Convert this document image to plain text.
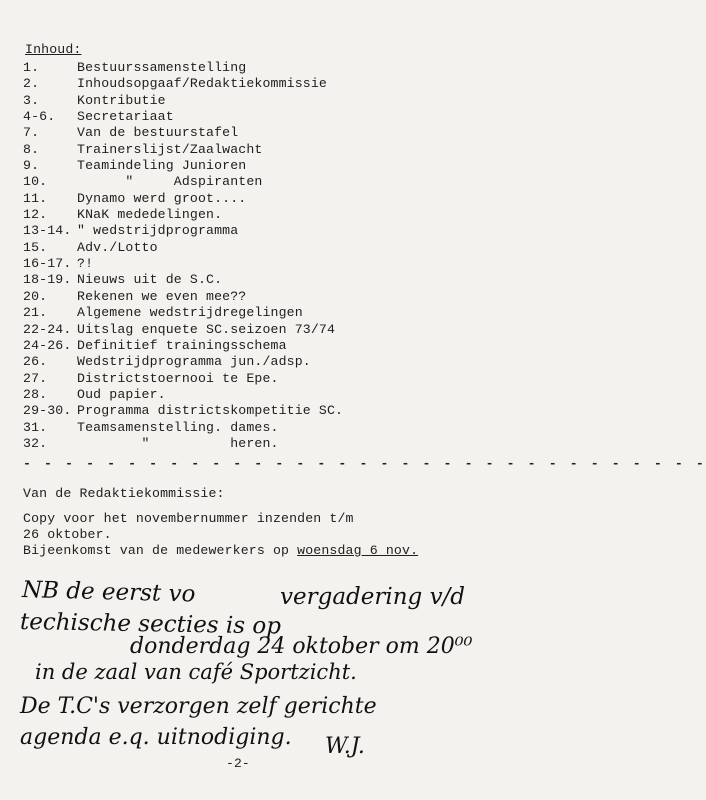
Inhoud:
1.	Bestuurssamenstelling
2.	Inhoudsopgaaf/Redaktiekommissie
3.	Kontributie
4-6. Secretariaat
7.	Van de bestuurstafel
8.	Trainerslijst/Zaalwacht
9.	Teamindeling Junioren
10.      "     Adspiranten
11. Dynamo werd groot....
12. KNaK mededelingen.
13-14. " wedstrijdprogramma
15. Adv./Lotto
16-17. ?!
18-19. Nieuws uit de S.C.
20. Rekenen we even mee??
21. Algemene wedstrijdregelingen
22-24. Uitslag enquete SC.seizoen 73/74
24-26. Definitief trainingsschema
26. Wedstrijdprogramma jun./adsp.
27. Districtstoernooi te Epe.
28. Oud papier.
29-30. Programma districtskompetitie SC.
31. Teamsamenstelling. dames.
32.        "          heren.
- - - - - - - - - - - - - - - - - - - - - - - - - - - - - - - - -
Van de Redaktiekommissie:
Copy voor het novembernummer inzenden t/m
26 oktober.
Bijeenkomst van de medewerkers op woensdag 6 nov.
NB de eerst vo	vergadering v/d
techische secties is op
donderdag 24 oktober om 20⁰⁰
in de zaal van café Sportzicht.
De T.C's verzorgen zelf gerichte
agenda e.q. uitnodiging. W.J.
-2-
